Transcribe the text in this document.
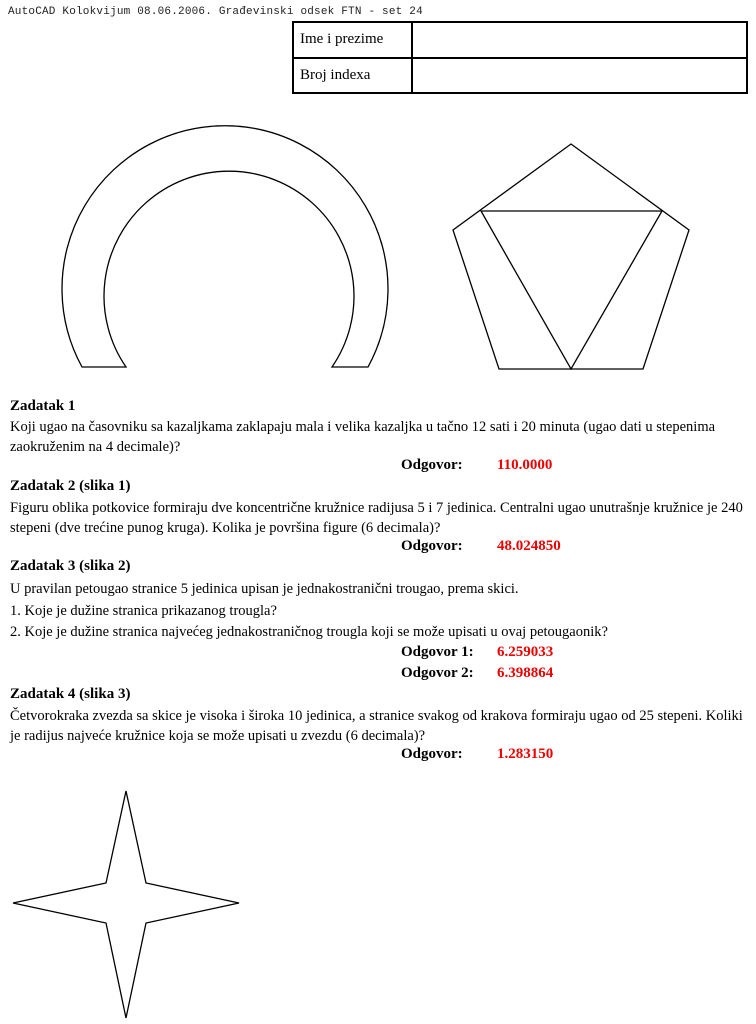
AutoCAD Kolokvijum 08.06.2006. Građevinski odsek FTN - set 24
Ime i prezime	
Broj indexa	
Zadatak 1
Koji ugao na časovniku sa kazaljkama zaklapaju mala i velika kazaljka u tačno 12 sati i 20 minuta (ugao dati u stepenima zaokruženim na 4 decimale)?
Odgovor: 110.0000
Zadatak 2 (slika 1)
Figuru oblika potkovice formiraju dve koncentrične kružnice radijusa 5 i 7 jedinica. Centralni ugao unutrašnje kružnice je 240 stepeni (dve trećine punog kruga). Kolika je površina figure (6 decimala)?
Odgovor: 48.024850
Zadatak 3 (slika 2)
U pravilan petougao stranice 5 jedinica upisan je jednakostranični trougao, prema skici.
1. Koje je dužine stranica prikazanog trougla?
2. Koje je dužine stranica najvećeg jednakostraničnog trougla koji se može upisati u ovaj petougaonik?
Odgovor 1: 6.259033
Odgovor 2: 6.398864
Zadatak 4 (slika 3)
Četvorokraka zvezda sa skice je visoka i široka 10 jedinica, a stranice svakog od krakova formiraju ugao od 25 stepeni. Koliki je radijus najveće kružnice koja se može upisati u zvezdu (6 decimala)?
Odgovor: 1.283150
